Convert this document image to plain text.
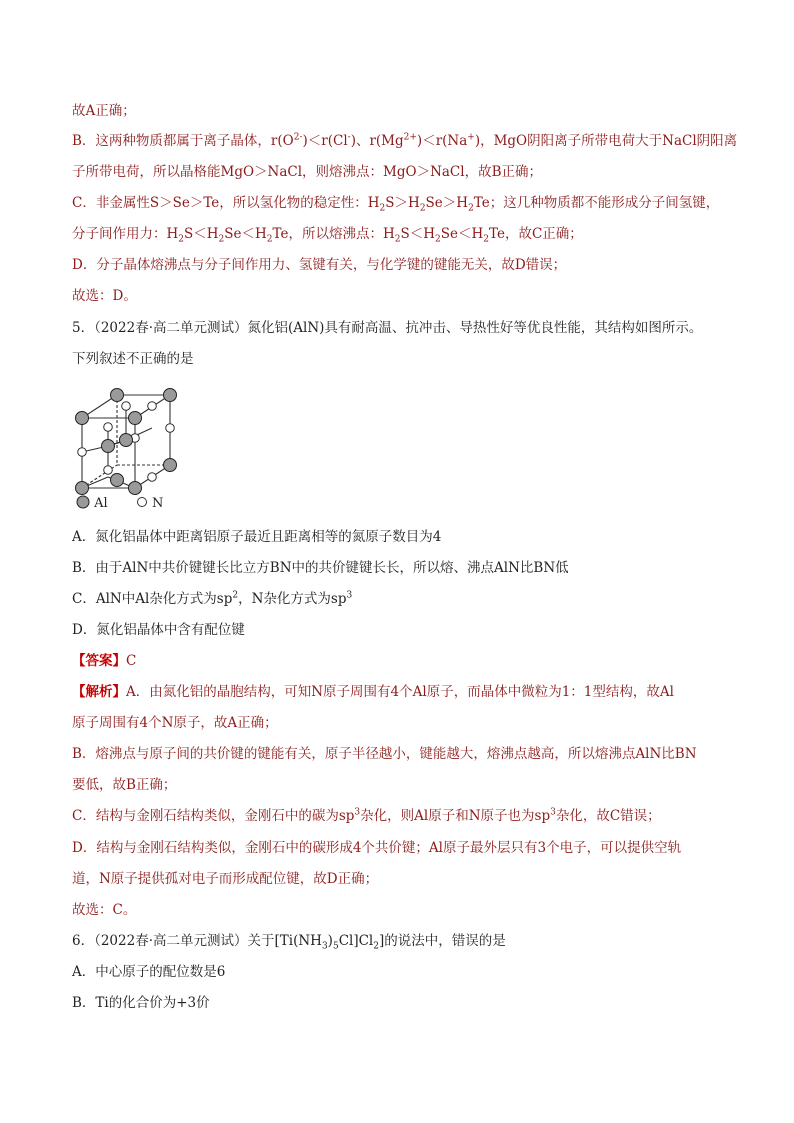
故A正确；
B．这两种物质都属于离子晶体，$r(O^{2-})<r(Cl^-)$、$r(Mg^{2+})<r(Na^+)$，MgO阴阳离子所带电荷大于NaCl阴阳离
子所带电荷，所以晶格能MgO＞NaCl，则熔沸点：MgO＞NaCl，故B正确；
C．非金属性S＞Se＞Te，所以氢化物的稳定性：$H_2S>H_2Se>H_2Te$；这几种物质都不能形成分子间氢键，
分子间作用力：$H_2S<H_2Se<H_2Te$，所以熔沸点：$H_2S<H_2Se<H_2Te$，故C正确；
D．分子晶体熔沸点与分子间作用力、氢键有关，与化学键的键能无关，故D错误；
故选：D。
5．（2022春·高二单元测试）氮化铝(AlN)具有耐高温、抗冲击、导热性好等优良性能，其结构如图所示。
下列叙述不正确的是
Al	N
A．氮化铝晶体中距离铝原子最近且距离相等的氮原子数目为4
B．由于AlN中共价键键长比立方BN中的共价键键长长，所以熔、沸点AlN比BN低
C．AlN中Al杂化方式为$sp^2$，N杂化方式为$sp^3$
D．氮化铝晶体中含有配位键
【答案】C
【解析】A．由氮化铝的晶胞结构，可知N原子周围有4个Al原子，而晶体中微粒为1：1型结构，故Al
原子周围有4个N原子，故A正确；
B．熔沸点与原子间的共价键的键能有关，原子半径越小，键能越大，熔沸点越高，所以熔沸点AlN比BN
要低，故B正确；
C．结构与金刚石结构类似，金刚石中的碳为$sp^3$杂化，则Al原子和N原子也为$sp^3$杂化，故C错误；
D．结构与金刚石结构类似，金刚石中的碳形成4个共价键；Al原子最外层只有3个电子，可以提供空轨
道，N原子提供孤对电子而形成配位键，故D正确；
故选：C。
6．（2022春·高二单元测试）关于$[Ti(NH_3)_5Cl]Cl_2$]的说法中，错误的是
A．中心原子的配位数是6
B．Ti的化合价为+3价
